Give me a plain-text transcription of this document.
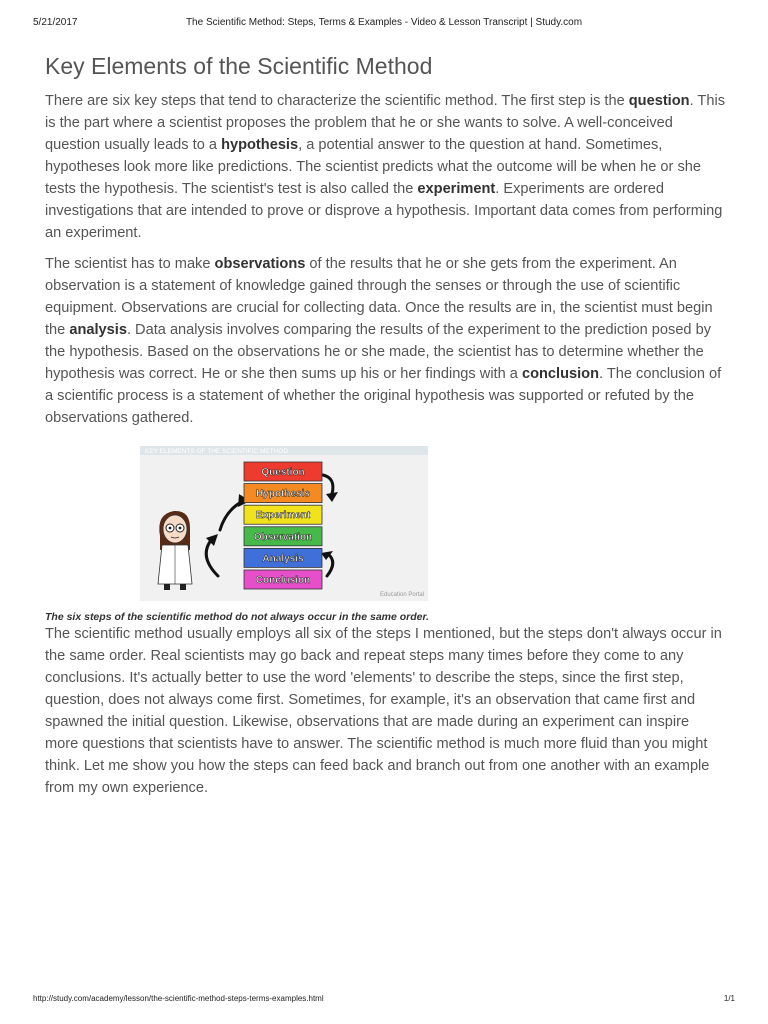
5/21/2017	The Scientific Method: Steps, Terms & Examples - Video & Lesson Transcript | Study.com
Key Elements of the Scientific Method

There are six key steps that tend to characterize the scientific method. The first step is the question. This is the part where a scientist proposes the problem that he or she wants to solve. A well-conceived question usually leads to a hypothesis, a potential answer to the question at hand. Sometimes, hypotheses look more like predictions. The scientist predicts what the outcome will be when he or she tests the hypothesis. The scientist's test is also called the experiment. Experiments are ordered investigations that are intended to prove or disprove a hypothesis. Important data comes from performing an experiment.

The scientist has to make observations of the results that he or she gets from the experiment. An observation is a statement of knowledge gained through the senses or through the use of scientific equipment. Observations are crucial for collecting data. Once the results are in, the scientist must begin the analysis. Data analysis involves comparing the results of the experiment to the prediction posed by the hypothesis. Based on the observations he or she made, the scientist has to determine whether the hypothesis was correct. He or she then sums up his or her findings with a conclusion. The conclusion of a scientific process is a statement of whether the original hypothesis was supported or refuted by the observations gathered.

KEY ELEMENTS OF THE SCIENTIFIC METHOD
Question
Hypothesis
Experiment
Observation
Analysis
Conclusion
Education Portal

The six steps of the scientific method do not always occur in the same order.

The scientific method usually employs all six of the steps I mentioned, but the steps don't always occur in the same order. Real scientists may go back and repeat steps many times before they come to any conclusions. It's actually better to use the word 'elements' to describe the steps, since the first step, question, does not always come first. Sometimes, for example, it's an observation that came first and spawned the initial question. Likewise, observations that are made during an experiment can inspire more questions that scientists have to answer. The scientific method is much more fluid than you might think. Let me show you how the steps can feed back and branch out from one another with an example from my own experience.

http://study.com/academy/lesson/the-scientific-method-steps-terms-examples.html	1/1
